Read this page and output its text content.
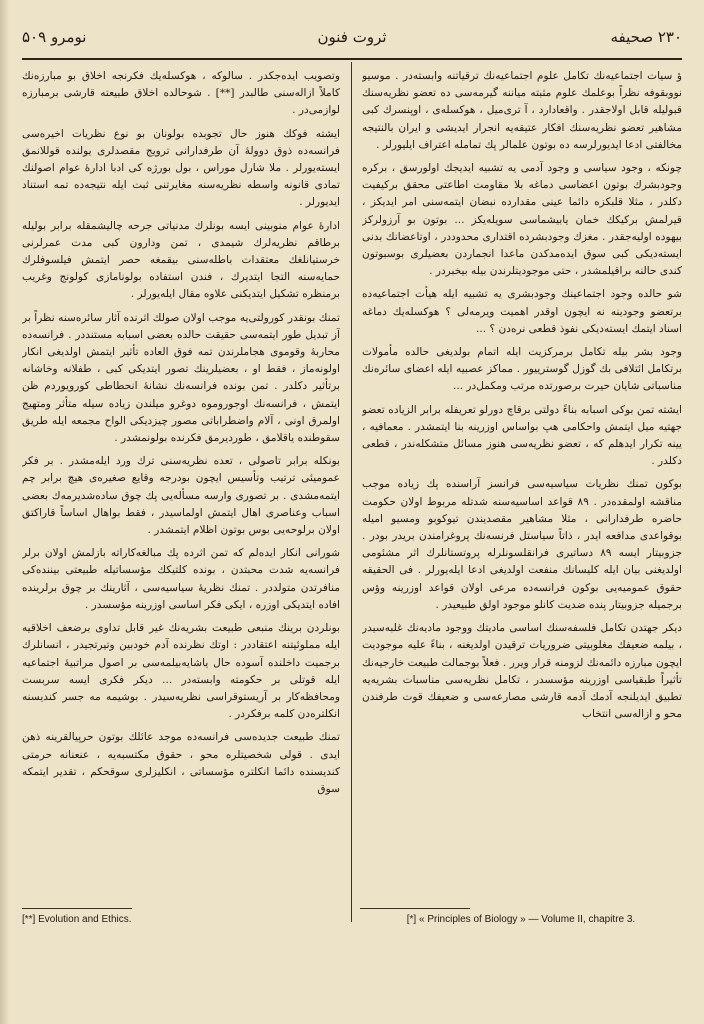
نومرو ۵۰۹	ثروت فنون	۲۳۰ صحیفه

ؤ سیات اجتماعیه‌نك تكامل علوم اجتماعیه‌نك ترقیاتنه وابسته‌در . موسیو نووبقوفه نظراً بوعلمك علوم مثبته میاننه گیرمه‌سی ده تعضو نظریه‌سنك قبولیله قابل اولاجقدر . واقعادارد ، آ تری‌میل ، هوكسله‌ی ، اوپنسرك كبی مشاهیر تعضو نظریه‌سنك افكار عتیقه‌یه انجرار ایدیشی و ایران بالنتیجه مخالفتی ادعا ایدیورلرسه ده بوتون علمالر پك تمامله اعتراف ایلیورلر .

چونكه ، وجود سیاسی و وجود آدمی یه تشبیه ایدیجك اولورسق ، بركره وجودبشرك بوتون اعضاسی دماغه بلا مقاومت اطاعتی محقق بركیفیت دكلدر ، مثلا قلبكزه دائما عینی مقدارده نبضان ایتمه‌سنی امر ایدیكز ، قیرلمش بركیكك خمان یابیشماسی سویله‌یكز ... بوتون بو آرزولركز بیهوده اولیه‌جقدر . مغزك وجودبشرده اقتداری محدوددر ، اوتاعضانك بدنی ایسته‌دیكی كبی سوق ایده‌مدكدن ماعدا انجماردن بعضیلری بوسبوتون كندی حالنه براقیلمشدر ، حتی موجودیتلرندن بیله بیخبردر .

شو حالده وجود اجتماعینك وجودبشری یه تشبیه ایله هیأت اجتماعیه‌ده برتعضو وجودینه نه ایچون اوقدر اهمیت ویرمه‌لی ؟ هوكسله‌یك دماغه اسناد ایتمك ایسته‌دیكی نفوذ قطعی نره‌دن ؟ ...

وجود بشر بیله تكامل برمركزیت ایله اتمام بولدیغی حالده مأمولات برتكامل ائتلافی بك گوزل گوسترییور . مماكز عصبیه ایله اعضای سائره‌نك مناسباتی شایان حیرت برصورتده مرتب ومكمل‌در ...

ایشته تمن بوكی اسبابه بناءً دولتی برقاچ دورلو تعریفله برابر الزیاده تعضو جهتیه میل ایتمش واحكامی هپ بواساس اوزرینه بنا ایتمشدر . معمافیه ، یینه تكرار ایدهلم كه ، تعضو نظریه‌سی هنوز مسائل متشكله‌ندر ، قطعی دكلدر .

بوكون تمنك نظریات سیاسیه‌سی فرانسز آراسنده پك زیاده موجب مناقشه اولمقده‌در . ٨٩ قواعد اساسیه‌سنه شدتله مربوط اولان حكومت حاضره طرفدارانی ، مثلا مشاهیر مقصدیندن تیوکوبو ومسیو امیله بوقواعدی مدافعه ایدر ، ذاتاً سیاستل فرنسه‌نك پروغرامندن بریدر بودر . جزوبیتار ایسه ٨٩ دساتیری فرانقلسونلرله پروتستانلرك اثر مشئومی اولدیغنی بیان ایله كلیسانك منفعت اولدیغی ادعا ایله‌یورلر . فی الحقیقه حقوق عمومیه‌یی بوكون فرانسه‌ده مرعی اولان قواعد اوزرینه وؤس برجمیله جزوبیتار پنده ضدیت كانلو موجود اولق طبیعیدر .

دیكر جهتدن تكامل فلسفه‌سنك اساسی مادیتك ووجود مادیه‌نك غلبه‌سیدر ، بیلمه ضعیفك مغلوبیتی ضروریات ترقیدن اولدیغنه ، بناءً علیه موجودیت ایچون مبارزه دائمه‌نك لزومنه قرار ویرر . فعلاً بوجمالت طبیعت خارجیه‌نك تأثیراً طبقیاسی اوزرینه مؤسسدر ، تكامل نظریه‌سی مناسبات بشریه‌یه تطبیق ایدیلنجه آدمك آدمه قارشی مصارعه‌سی و ضعیفك قوت طرفندن محو و ازاله‌سی انتخاب

وتصویب ایده‌جكدر . سالوكه ، هوكسله‌یك فكرنجه اخلاق بو مبارزه‌نك كاملاً ازاله‌سنی طالبدر [**] . شوحالده اخلاق طبیعته قارشی برمبارزه لوازمی‌در .

ایشته فوكك هنوز حال تجوبده بولونان بو نوع نظریات اخیره‌سی فرانسه‌ده ذوق دوولهٔ آن طرفدارانی ترویج مقصدلری یولنده قوللانمق ایسته‌یورلر . ملا شارل موراس ، بول بورژه كی ادبا ادارهٔ عوام اصولنك تمادی قانونه واسطه نظریه‌سنه مغایرتنی ثبت ایله نتیجه‌ده تمه استناد ایدیورلر .

ادارهٔ عوام منوبینی ایسه بونلرك مدنیاتی جرحه چالیشمقله برابر بولیله برطاقم نظریه‌لرك شیمدی ، تمن ودارون كبی مدت عمرلرنی خرستیانلغك معتقدات باطله‌سنی بیقمغه حصر ایتمش فیلسوفلرك حمایه‌سنه التجا ایتدیرك ، فندن استفاده بولونامازی كولونج وغریب برمنظره تشكیل ایتدیكنی علاوه مقال ایله‌یورلر .

تمنك بونقدر كورولتی‌یه موجب اولان صولك اثرنده آثار سائره‌سنه نظراً بر آز تبدیل طور ایتمه‌سی حقیقت حالده بعضی اسبابه مستنددر . فرانسه‌ده محاربهٔ وقوموی هجاملرندن تمه فوق العاده تأثیر ایتمش اولدیغی انكار اولونه‌ماز ، فقط او ، بعضیلرینك تصور ایتدیكی كبی ، طفلانه وخاشانه برتأثیر دكلدر . تمن بونده فرانسه‌نك نشانهٔ انحطاطی كورویوردم ظن ایتمش ، فرانسه‌نك اوجوروموه دوغرو میلندن زیاده سیله متأثر ومتهیج اولمرق اونی ، آلام واضطراباتی مصور چیزدیكی الواح مجمعه ایله طریق سقوطنده یاقلامق ، طوردیرمق فكرنده بولونمشدر .

بونكله برابر تاصولی ، تعده نظریه‌سنی ترك ورد ایله‌مشدر . بر فكر عمومیئی ترتیب وتأسیس ایچون بودرجه وقایع صغیره‌ی هیچ برابر چم ایتمه‌مشدی . بر تصوری وارسه مسأله‌یی پك چوق ساده‌شدیرمه‌ك بعضی اسباب وعناصری اهال ایتمش اولماسیدر ، فقط بواهال اساساً قاراكتق اولان برلوحه‌یی بوس بوتون اظلام ایتمشدر .

شورانی انكار ایده‌لم كه تمن اثرده پك مبالغه‌كاراته بازلمش اولان برلر فرانسه‌یه شدت محبتدن ، بونده كلتیكك مؤسساتیله طبیعتی بیننده‌كی منافرتدن متولددر . تمنك نظریهٔ سیاسیه‌سی ، آثارینك بر چوق برلرینده افاده ایتدیكی اوزره ، ایكی فكر اساسی اوزرینه مؤسسدر .

بونلردن برینك منبعی طبیعت بشریه‌نك غیر قابل تداوی برضعف اخلاقیه ایله مملوئیتنه اعتقاددر : اوتك نظرنده آدم خودبین وتیرتجیدر ، انسانلرك برجمیت داخلنده آسوده حال یاشایه‌بیلمه‌سی بر اصول مراتبیهٔ اجتماعیه ایله قوتلی بر حكومته وابسته‌در ... دیكر فكری ایسه سربست ومحافظه‌كار بر آریستوقراسی نظریه‌سیدر . بوشیمه مه جسر كندیسنه انكلتره‌دن كلمه برفكردر .

تمنك طبیعت جدیده‌سی فرانسه‌ده موجد عائلك بوتون حرپیالقرینه ذهن ایدی . قولی شخصیتلره محو ، حقوق مكتسبه‌یه ، عنعنانه حرمتی كندیسنده دائما انكلتره مؤسساتی ، انكلیزلری سوقحكم ، تقدیر ایتمكه سوق

[**] Evolution and Ethics.	[*] « Principles of Biology » — Volume II, chapitre 3.
